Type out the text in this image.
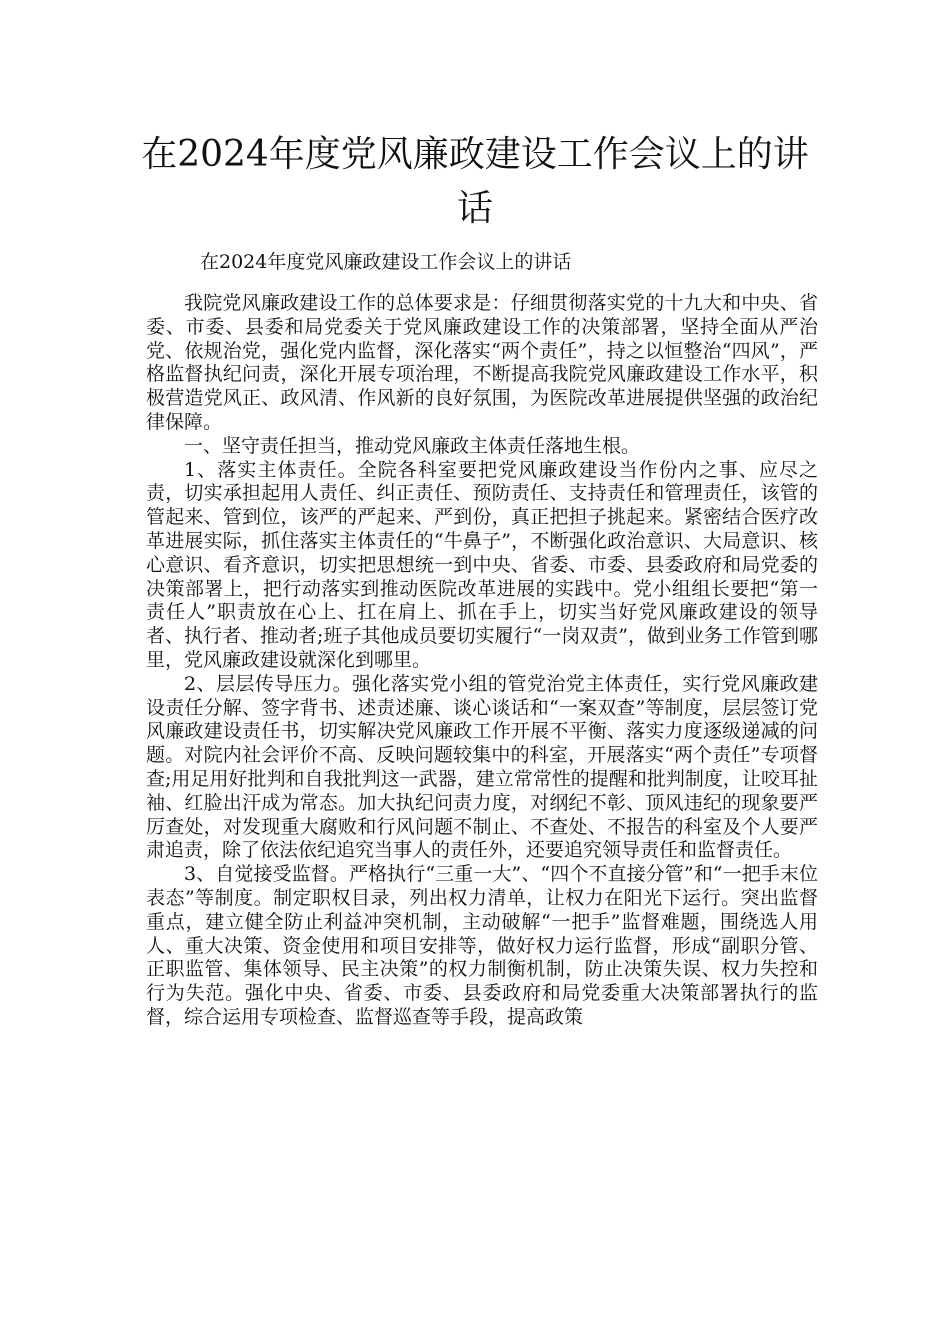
在2024年度党风廉政建设工作会议上的讲话

在2024年度党风廉政建设工作会议上的讲话

我院党风廉政建设工作的总体要求是：仔细贯彻落实党的十九大和中央、省委、市委、县委和局党委关于党风廉政建设工作的决策部署，坚持全面从严治党、依规治党，强化党内监督，深化落实“两个责任”，持之以恒整治“四风”，严格监督执纪问责，深化开展专项治理，不断提高我院党风廉政建设工作水平，积极营造党风正、政风清、作风新的良好氛围，为医院改革进展提供坚强的政治纪律保障。

一、坚守责任担当，推动党风廉政主体责任落地生根。

1、落实主体责任。全院各科室要把党风廉政建设当作份内之事、应尽之责，切实承担起用人责任、纠正责任、预防责任、支持责任和管理责任，该管的管起来、管到位，该严的严起来、严到份，真正把担子挑起来。紧密结合医疗改革进展实际，抓住落实主体责任的“牛鼻子”，不断强化政治意识、大局意识、核心意识、看齐意识，切实把思想统一到中央、省委、市委、县委政府和局党委的决策部署上，把行动落实到推动医院改革进展的实践中。党小组组长要把“第一责任人”职责放在心上、扛在肩上、抓在手上，切实当好党风廉政建设的领导者、执行者、推动者;班子其他成员要切实履行“一岗双责”，做到业务工作管到哪里，党风廉政建设就深化到哪里。

2、层层传导压力。强化落实党小组的管党治党主体责任，实行党风廉政建设责任分解、签字背书、述责述廉、谈心谈话和“一案双查”等制度，层层签订党风廉政建设责任书，切实解决党风廉政工作开展不平衡、落实力度逐级递减的问题。对院内社会评价不高、反映问题较集中的科室，开展落实“两个责任”专项督查;用足用好批判和自我批判这一武器，建立常常性的提醒和批判制度，让咬耳扯袖、红脸出汗成为常态。加大执纪问责力度，对纲纪不彰、顶风违纪的现象要严厉查处，对发现重大腐败和行风问题不制止、不查处、不报告的科室及个人要严肃追责，除了依法依纪追究当事人的责任外，还要追究领导责任和监督责任。

3、自觉接受监督。严格执行“三重一大”、“四个不直接分管”和“一把手末位表态”等制度。制定职权目录，列出权力清单，让权力在阳光下运行。突出监督重点，建立健全防止利益冲突机制，主动破解“一把手”监督难题，围绕选人用人、重大决策、资金使用和项目安排等，做好权力运行监督，形成“副职分管、正职监管、集体领导、民主决策”的权力制衡机制，防止决策失误、权力失控和行为失范。强化中央、省委、市委、县委政府和局党委重大决策部署执行的监督，综合运用专项检查、监督巡查等手段，提高政策
